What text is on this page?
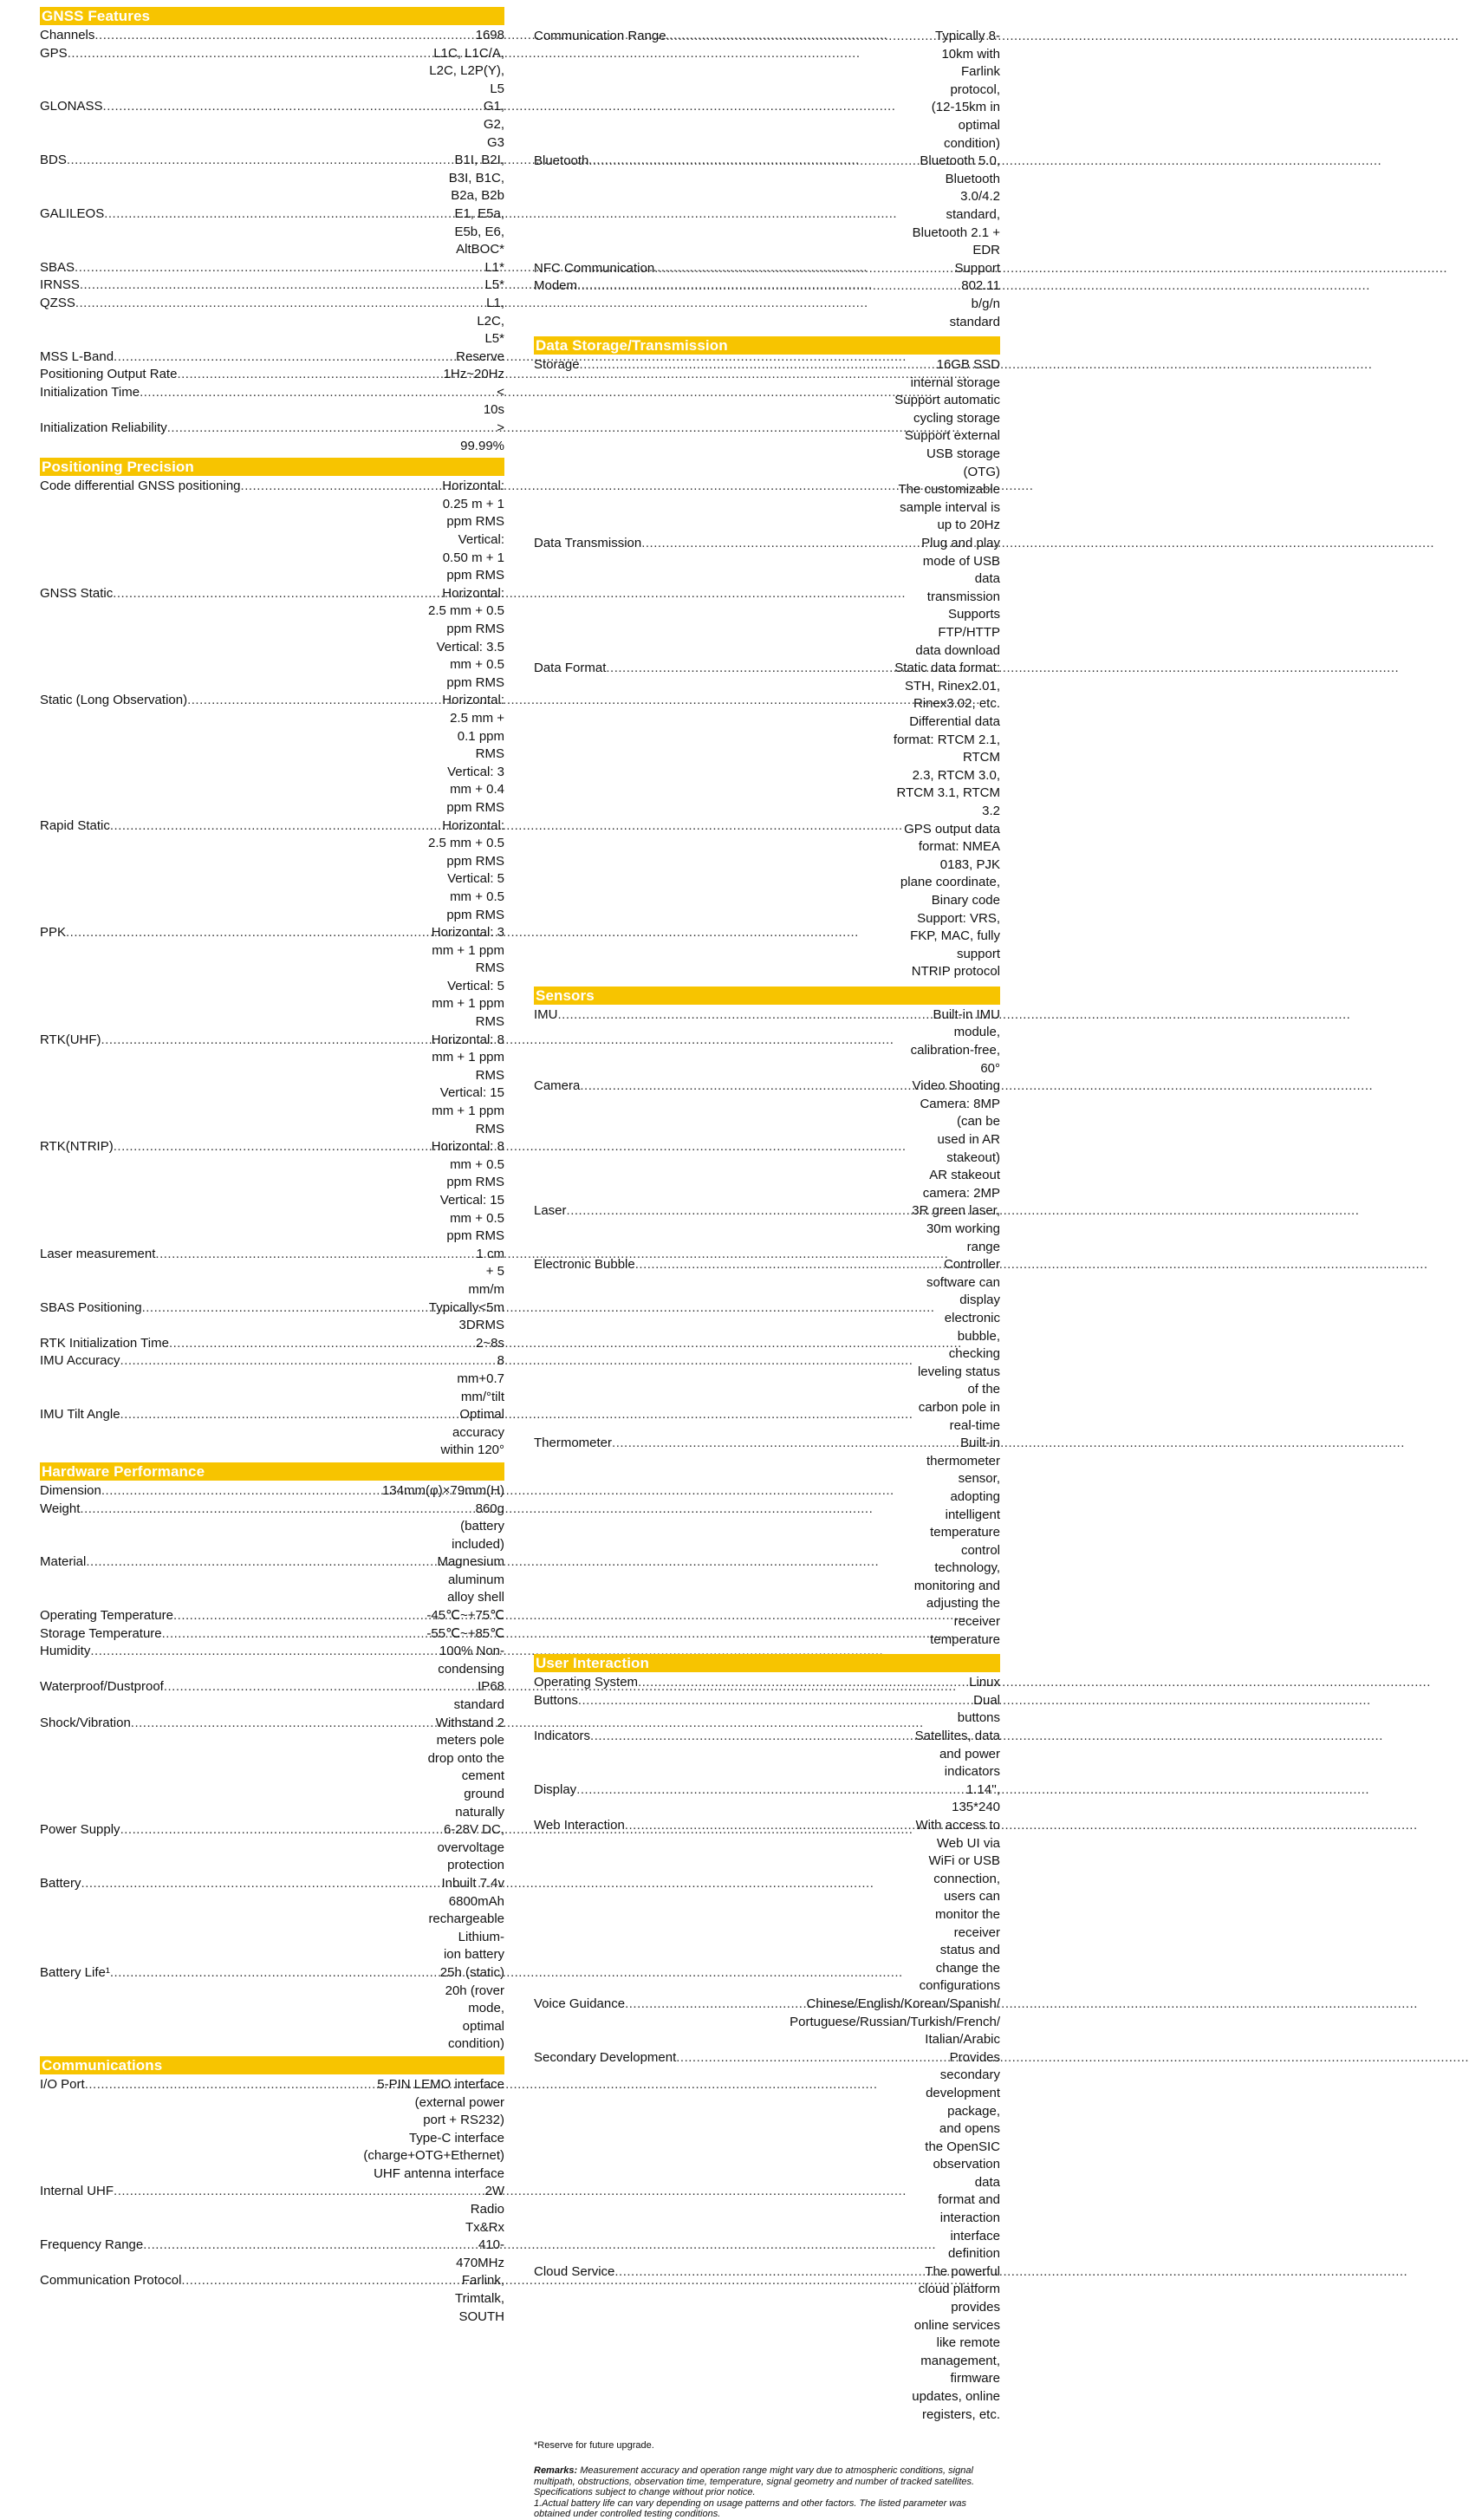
GNSS Features
Channels .....	1698
GPS .....	L1C, L1C/A, L2C, L2P(Y), L5
GLONASS .....	G1, G2, G3
BDS .....	B1I, B2I, B3I, B1C, B2a, B2b
GALILEOS .....	E1, E5a, E5b, E6, AltBOC*
SBAS .....	L1*
IRNSS .....	L5*
QZSS .....	L1, L2C, L5*
MSS L-Band .....	Reserve
Positioning Output Rate .....	1Hz~20Hz
Initialization Time .....	< 10s
Initialization Reliability .....	> 99.99%
Positioning Precision
Code differential GNSS positioning .....	Horizontal: 0.25 m + 1 ppm RMS
Vertical: 0.50 m + 1 ppm RMS
GNSS Static .....	Horizontal: 2.5 mm + 0.5 ppm RMS
Vertical: 3.5 mm + 0.5 ppm RMS
Static (Long Observation) .....	Horizontal: 2.5 mm + 0.1 ppm RMS
Vertical: 3 mm + 0.4 ppm RMS
Rapid Static .....	Horizontal: 2.5 mm + 0.5 ppm RMS
Vertical: 5 mm + 0.5 ppm RMS
PPK .....	Horizontal: 3 mm + 1 ppm RMS
Vertical: 5 mm + 1 ppm RMS
RTK(UHF) .....	Horizontal: 8 mm + 1 ppm RMS
Vertical: 15 mm + 1 ppm RMS
RTK(NTRIP) .....	Horizontal: 8 mm + 0.5 ppm RMS
Vertical: 15 mm + 0.5 ppm RMS
Laser measurement .....	1 cm + 5 mm/m
SBAS Positioning .....	Typically<5m 3DRMS
RTK Initialization Time .....	2~8s
IMU Accuracy .....	8 mm+0.7 mm/°tilt
IMU Tilt Angle .....	Optimal accuracy within 120°
Hardware Performance
Dimension .....	134mm(φ)×79mm(H)
Weight .....	860g (battery included)
Material .....	Magnesium aluminum alloy shell
Operating Temperature .....	-45℃~+75℃
Storage Temperature .....	-55℃~+85℃
Humidity .....	100% Non-condensing
Waterproof/Dustproof .....	IP68 standard
Shock/Vibration .....	Withstand 2 meters pole drop onto the
cement ground naturally
Power Supply .....	6-28V DC, overvoltage protection
Battery .....	Inbuilt 7.4v 6800mAh rechargeable Lithium-
ion battery
Battery Life¹ .....	25h (static)
20h (rover mode, optimal condition)
Communications
I/O Port .....	5-PIN LEMO interface (external power
port + RS232)
Type-C interface (charge+OTG+Ethernet)
UHF antenna interface
Internal UHF .....	2W Radio Tx&Rx
Frequency Range .....	410-470MHz
Communication Protocol .....	Farlink, Trimtalk, SOUTH
Communication Range .....	Typically 8-10km with Farlink protocol,
(12-15km in optimal condition)
Bluetooth .....	Bluetooth 5.0, Bluetooth 3.0/4.2 standard,
Bluetooth 2.1 + EDR
NFC Communication .....	Support
Modem .....	802.11 b/g/n standard
Data Storage/Transmission
Storage .....	16GB SSD internal storage
Support automatic cycling storage
Support external USB storage (OTG)
The customizable sample interval is up to 20Hz
Data Transmission .....	Plug and play mode of USB data transmission
Supports FTP/HTTP data download
Data Format .....	Static data format: STH, Rinex2.01, Rinex3.02, etc.
Differential data format: RTCM 2.1, RTCM
2.3, RTCM 3.0, RTCM 3.1, RTCM 3.2
GPS output data format: NMEA 0183, PJK
plane coordinate, Binary code
Support: VRS, FKP, MAC, fully support
NTRIP protocol
Sensors
IMU .....	Built-in IMU module, calibration-free, 60°
Camera .....	Video Shooting Camera: 8MP (can be
used in AR stakeout)
AR stakeout camera: 2MP
Laser .....	3R green laser, 30m working range
Electronic Bubble .....	Controller software can display electronic
bubble, checking leveling status of the
carbon pole in real-time
Thermometer .....	Built-in thermometer sensor, adopting
intelligent temperature control technology,
monitoring and adjusting the receiver
temperature
User Interaction
Operating System .....	Linux
Buttons .....	Dual buttons
Indicators .....	Satellites, data and power indicators
Display .....	1.14'', 135*240
Web Interaction .....	With access to Web UI via WiFi or USB
connection, users can monitor the receiver
status and change the configurations
Voice Guidance .....	Chinese/English/Korean/Spanish/
Portuguese/Russian/Turkish/French/
Italian/Arabic
Secondary Development .....	Provides secondary development package,
and opens the OpenSIC observation data
format and interaction interface definition
Cloud Service .....	The powerful cloud platform provides
online services like remote management,
firmware updates, online registers, etc.
*Reserve for future upgrade.
Remarks: Measurement accuracy and operation range might vary due to atmospheric conditions, signal multipath, obstructions, observation time, temperature, signal geometry and number of tracked satellites. Specifications subject to change without prior notice.
1.Actual battery life can vary depending on usage patterns and other factors. The listed parameter was obtained under controlled testing conditions.
